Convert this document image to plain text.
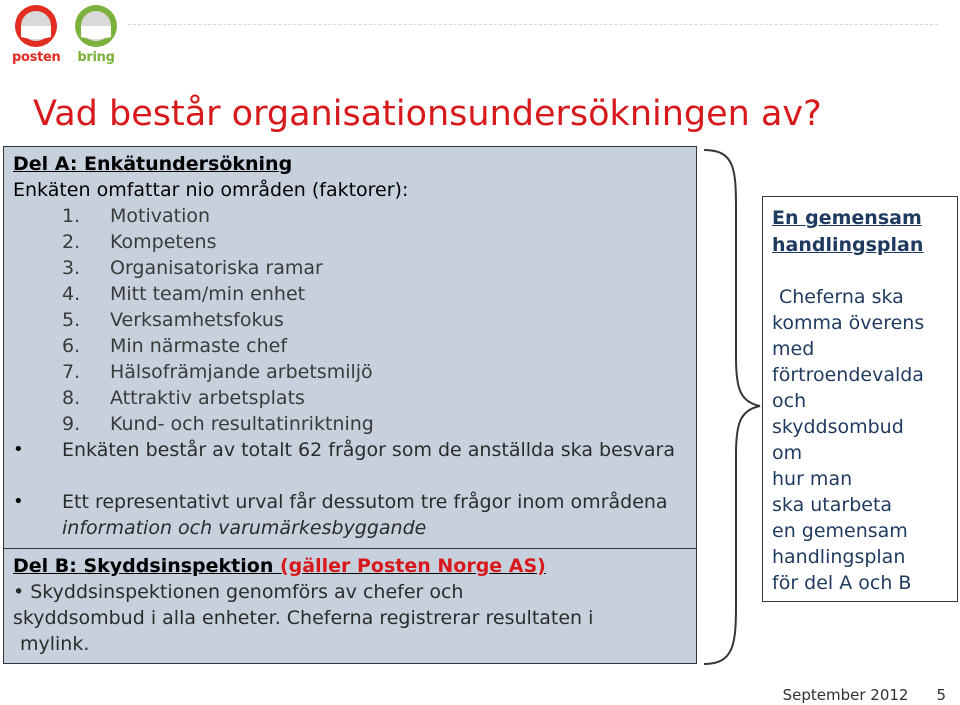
posten	bring
Vad består organisationsundersökningen av?
Del A: Enkätundersökning
Enkäten omfattar nio områden (faktorer):
1. Motivation
2. Kompetens
3. Organisatoriska ramar
4. Mitt team/min enhet
5. Verksamhetsfokus
6. Min närmaste chef
7. Hälsofrämjande arbetsmiljö
8. Attraktiv arbetsplats
9. Kund- och resultatinriktning
•	Enkäten består av totalt 62 frågor som de anställda ska besvara
•	Ett representativt urval får dessutom tre frågor inom områdena information och varumärkesbyggande
Del B: Skyddsinspektion (gäller Posten Norge AS)
• Skyddsinspektionen genomförs av chefer och
skyddsombud i alla enheter. Cheferna registrerar resultaten i
mylink.
En gemensam handlingsplan
Cheferna ska
komma överens
med
förtroendevalda
och
skyddsombud
om
hur man
ska utarbeta
en gemensam
handlingsplan
för del A och B
September 2012 5
